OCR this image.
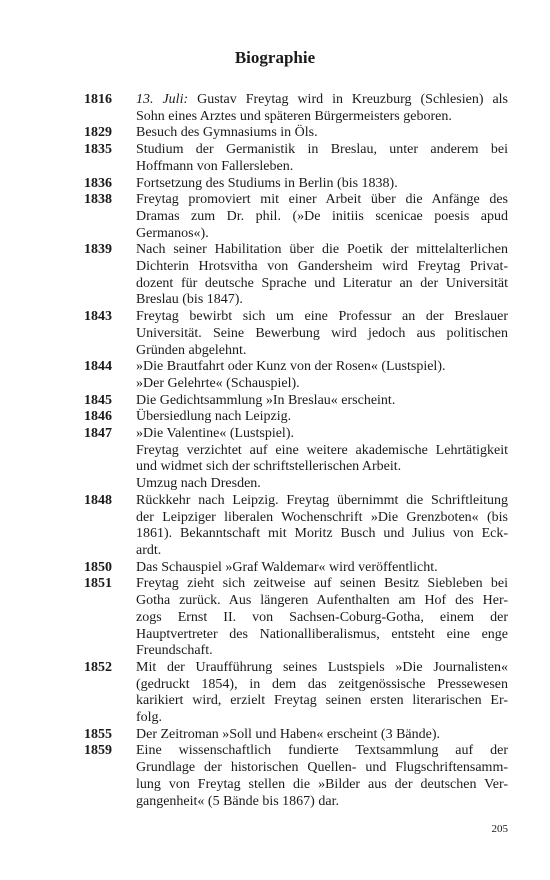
Biographie
1816	13. Juli: Gustav Freytag wird in Kreuzburg (Schlesien) als
Sohn eines Arztes und späteren Bürgermeisters geboren.
1829	Besuch des Gymnasiums in Öls.
1835	Studium der Germanistik in Breslau, unter anderem bei
Hoffmann von Fallersleben.
1836	Fortsetzung des Studiums in Berlin (bis 1838).
1838	Freytag promoviert mit einer Arbeit über die Anfänge des
Dramas zum Dr. phil. (»De initiis scenicae poesis apud
Germanos«).
1839	Nach seiner Habilitation über die Poetik der mittelalterlichen
Dichterin Hrotsvitha von Gandersheim wird Freytag Privat-
dozent für deutsche Sprache und Literatur an der Universität
Breslau (bis 1847).
1843	Freytag bewirbt sich um eine Professur an der Breslauer
Universität. Seine Bewerbung wird jedoch aus politischen
Gründen abgelehnt.
1844	»Die Brautfahrt oder Kunz von der Rosen« (Lustspiel).
»Der Gelehrte« (Schauspiel).
1845	Die Gedichtsammlung »In Breslau« erscheint.
1846	Übersiedlung nach Leipzig.
1847	»Die Valentine« (Lustspiel).
Freytag verzichtet auf eine weitere akademische Lehrtätigkeit
und widmet sich der schriftstellerischen Arbeit.
Umzug nach Dresden.
1848	Rückkehr nach Leipzig. Freytag übernimmt die Schriftleitung
der Leipziger liberalen Wochenschrift »Die Grenzboten« (bis
1861). Bekanntschaft mit Moritz Busch und Julius von Eck-
ardt.
1850	Das Schauspiel »Graf Waldemar« wird veröffentlicht.
1851	Freytag zieht sich zeitweise auf seinen Besitz Siebleben bei
Gotha zurück. Aus längeren Aufenthalten am Hof des Her-
zogs Ernst II. von Sachsen-Coburg-Gotha, einem der
Hauptvertreter des Nationalliberalismus, entsteht eine enge
Freundschaft.
1852	Mit der Uraufführung seines Lustspiels »Die Journalisten«
(gedruckt 1854), in dem das zeitgenössische Pressewesen
karikiert wird, erzielt Freytag seinen ersten literarischen Er-
folg.
1855	Der Zeitroman »Soll und Haben« erscheint (3 Bände).
1859	Eine wissenschaftlich fundierte Textsammlung auf der
Grundlage der historischen Quellen- und Flugschriftensamm-
lung von Freytag stellen die »Bilder aus der deutschen Ver-
gangenheit« (5 Bände bis 1867) dar.
205
